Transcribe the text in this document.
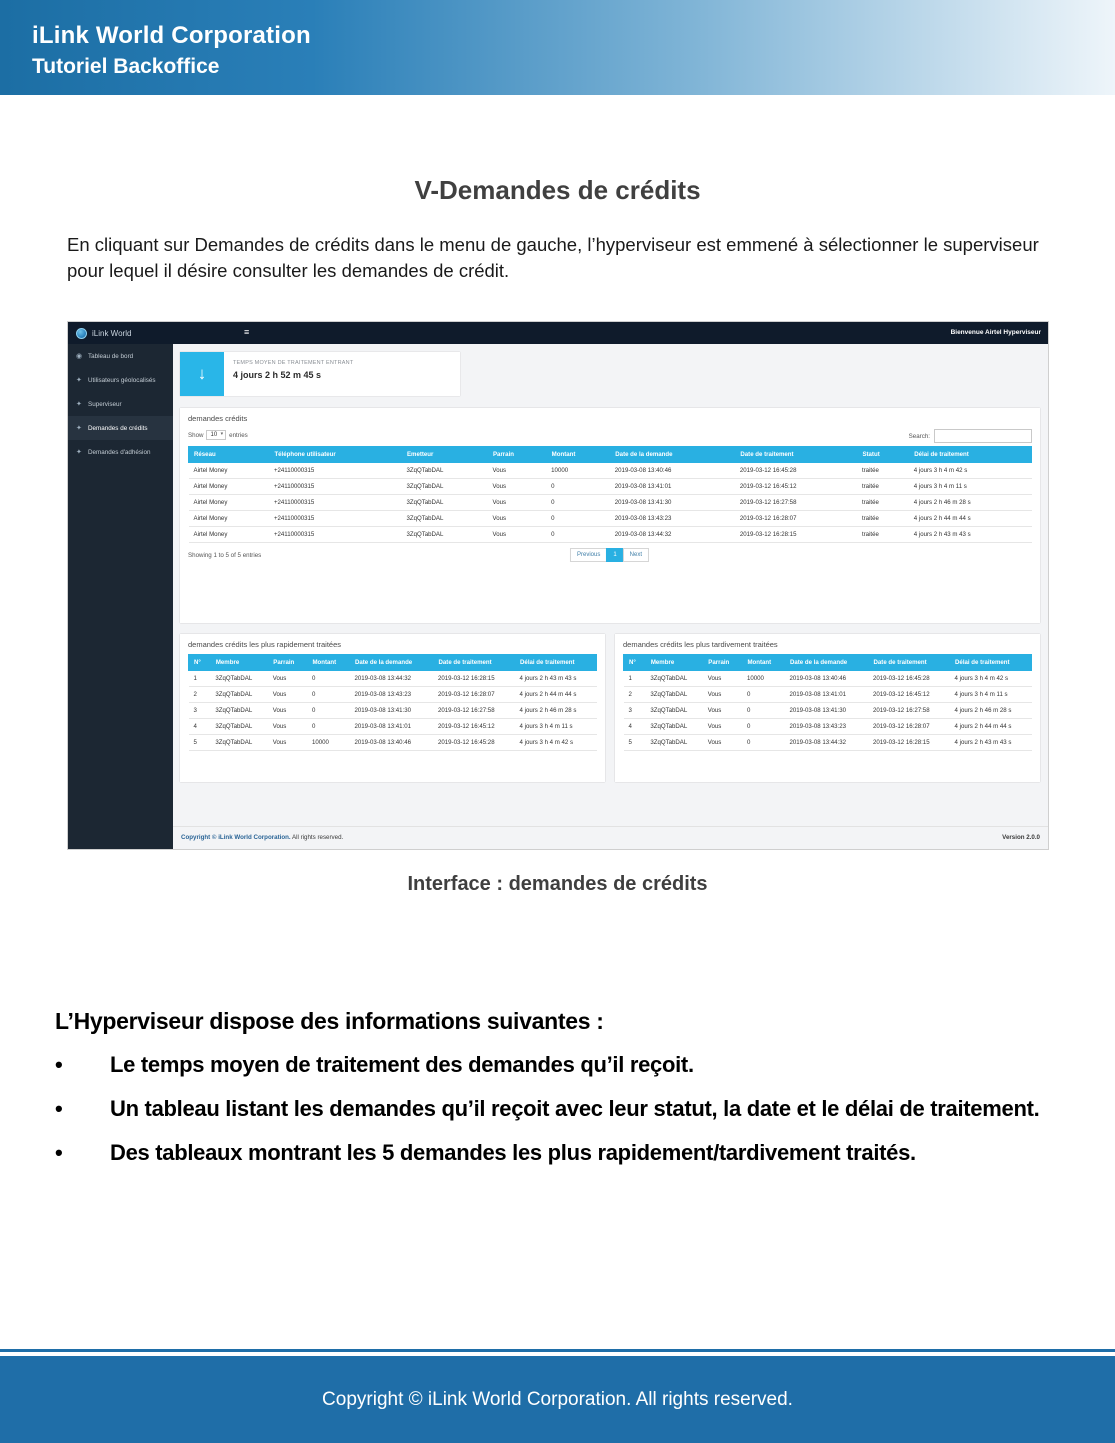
iLink World Corporation
Tutoriel Backoffice
V-Demandes de crédits
En cliquant sur Demandes de crédits dans le menu de gauche, l’hyperviseur est emmené à sélectionner le superviseur pour lequel il désire consulter les demandes de crédit.
iLink World	≡	Bienvenue Airtel Hyperviseur
◉ Tableau de bord
✦ Utilisateurs géolocalisés
✦ Superviseur
✦ Demandes de crédits
✦ Demandes d'adhésion
↓
TEMPS MOYEN DE TRAITEMENT ENTRANT
4 jours 2 h 52 m 45 s
demandes crédits
Show	10 ▾	entries	Search:
Réseau	Téléphone utilisateur	Emetteur	Parrain	Montant	Date de la demande	Date de traitement	Statut	Délai de traitement
Airtel Money	+24110000315	3ZqQTabDAL	Vous	10000	2019-03-08 13:40:46	2019-03-12 16:45:28	traitée	4 jours 3 h 4 m 42 s
Airtel Money	+24110000315	3ZqQTabDAL	Vous	0	2019-03-08 13:41:01	2019-03-12 16:45:12	traitée	4 jours 3 h 4 m 11 s
Airtel Money	+24110000315	3ZqQTabDAL	Vous	0	2019-03-08 13:41:30	2019-03-12 16:27:58	traitée	4 jours 2 h 46 m 28 s
Airtel Money	+24110000315	3ZqQTabDAL	Vous	0	2019-03-08 13:43:23	2019-03-12 16:28:07	traitée	4 jours 2 h 44 m 44 s
Airtel Money	+24110000315	3ZqQTabDAL	Vous	0	2019-03-08 13:44:32	2019-03-12 16:28:15	traitée	4 jours 2 h 43 m 43 s
Showing 1 to 5 of 5 entries	Previous	1	Next
demandes crédits les plus rapidement traitées
N°	Membre	Parrain	Montant	Date de la demande	Date de traitement	Délai de traitement
1	3ZqQTabDAL	Vous	0	2019-03-08 13:44:32	2019-03-12 16:28:15	4 jours 2 h 43 m 43 s
2	3ZqQTabDAL	Vous	0	2019-03-08 13:43:23	2019-03-12 16:28:07	4 jours 2 h 44 m 44 s
3	3ZqQTabDAL	Vous	0	2019-03-08 13:41:30	2019-03-12 16:27:58	4 jours 2 h 46 m 28 s
4	3ZqQTabDAL	Vous	0	2019-03-08 13:41:01	2019-03-12 16:45:12	4 jours 3 h 4 m 11 s
5	3ZqQTabDAL	Vous	10000	2019-03-08 13:40:46	2019-03-12 16:45:28	4 jours 3 h 4 m 42 s
demandes crédits les plus tardivement traitées
N°	Membre	Parrain	Montant	Date de la demande	Date de traitement	Délai de traitement
1	3ZqQTabDAL	Vous	10000	2019-03-08 13:40:46	2019-03-12 16:45:28	4 jours 3 h 4 m 42 s
2	3ZqQTabDAL	Vous	0	2019-03-08 13:41:01	2019-03-12 16:45:12	4 jours 3 h 4 m 11 s
3	3ZqQTabDAL	Vous	0	2019-03-08 13:41:30	2019-03-12 16:27:58	4 jours 2 h 46 m 28 s
4	3ZqQTabDAL	Vous	0	2019-03-08 13:43:23	2019-03-12 16:28:07	4 jours 2 h 44 m 44 s
5	3ZqQTabDAL	Vous	0	2019-03-08 13:44:32	2019-03-12 16:28:15	4 jours 2 h 43 m 43 s
Copyright © iLink World Corporation. All rights reserved.	Version 2.0.0
Interface : demandes de crédits
L’Hyperviseur dispose des informations suivantes :
• Le temps moyen de traitement des demandes qu’il reçoit.
• Un tableau listant les demandes qu’il reçoit avec leur statut, la date et le délai de traitement.
• Des tableaux montrant les 5 demandes les plus rapidement/tardivement traités.
Copyright © iLink World Corporation. All rights reserved.
